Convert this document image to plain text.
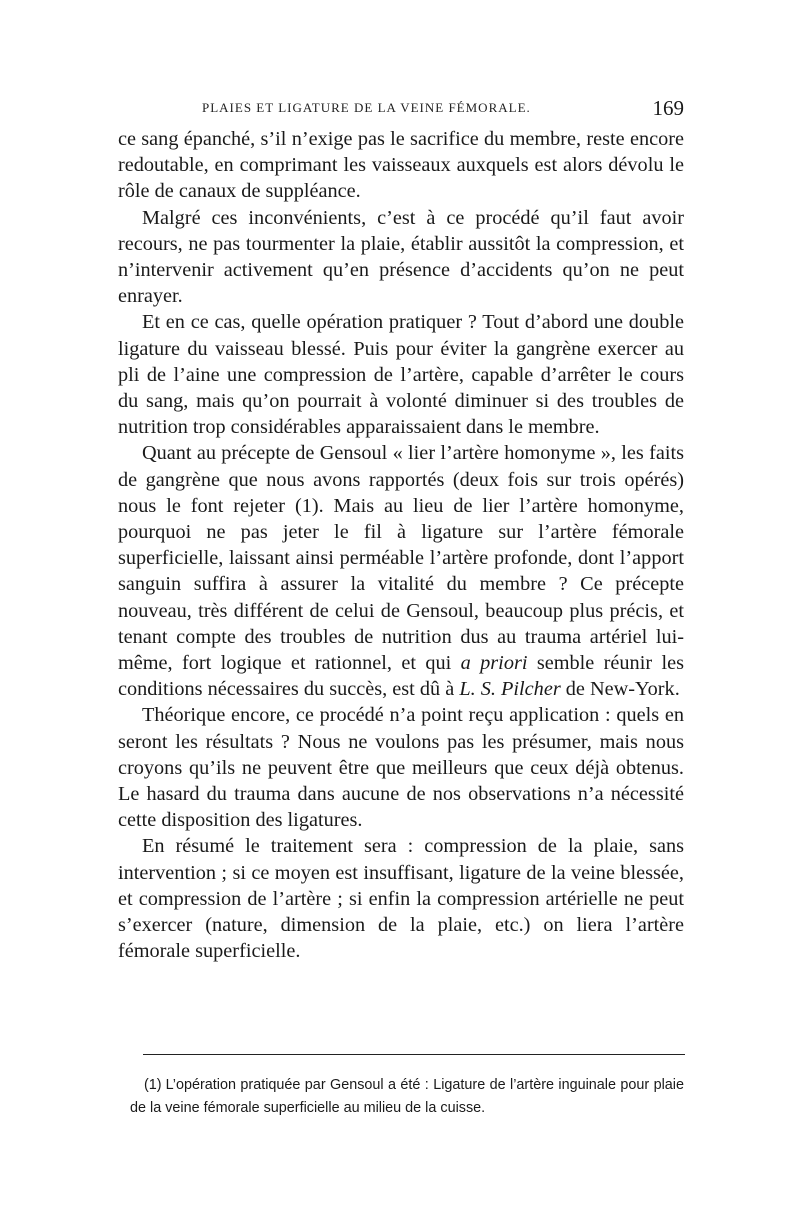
PLAIES ET LIGATURE DE LA VEINE FÉMORALE.	169

ce sang épanché, s’il n’exige pas le sacrifice du membre, reste encore redoutable, en comprimant les vaisseaux auxquels est alors dévolu le rôle de canaux de suppléance.

Malgré ces inconvénients, c’est à ce procédé qu’il faut avoir recours, ne pas tourmenter la plaie, établir aussitôt la compression, et n’intervenir activement qu’en présence d’accidents qu’on ne peut enrayer.

Et en ce cas, quelle opération pratiquer ? Tout d’abord une double ligature du vaisseau blessé. Puis pour éviter la gangrène exercer au pli de l’aine une compression de l’artère, capable d’arrêter le cours du sang, mais qu’on pourrait à volonté diminuer si des troubles de nutrition trop considérables apparaissaient dans le membre.

Quant au précepte de Gensoul « lier l’artère homonyme », les faits de gangrène que nous avons rapportés (deux fois sur trois opérés) nous le font rejeter (1). Mais au lieu de lier l’artère homonyme, pourquoi ne pas jeter le fil à ligature sur l’artère fémorale superficielle, laissant ainsi perméable l’artère profonde, dont l’apport sanguin suffira à assurer la vitalité du membre ? Ce précepte nouveau, très différent de celui de Gensoul, beaucoup plus précis, et tenant compte des troubles de nutrition dus au trauma artériel lui-même, fort logique et rationnel, et qui a priori semble réunir les conditions nécessaires du succès, est dû à L. S. Pilcher de New-York.

Théorique encore, ce procédé n’a point reçu application : quels en seront les résultats ? Nous ne voulons pas les présumer, mais nous croyons qu’ils ne peuvent être que meilleurs que ceux déjà obtenus. Le hasard du trauma dans aucune de nos observations n’a nécessité cette disposition des ligatures.

En résumé le traitement sera : compression de la plaie, sans intervention ; si ce moyen est insuffisant, ligature de la veine blessée, et compression de l’artère ; si enfin la compression artérielle ne peut s’exercer (nature, dimension de la plaie, etc.) on liera l’artère fémorale superficielle.

(1) L’opération pratiquée par Gensoul a été : Ligature de l’artère inguinale pour plaie de la veine fémorale superficielle au milieu de la cuisse.
